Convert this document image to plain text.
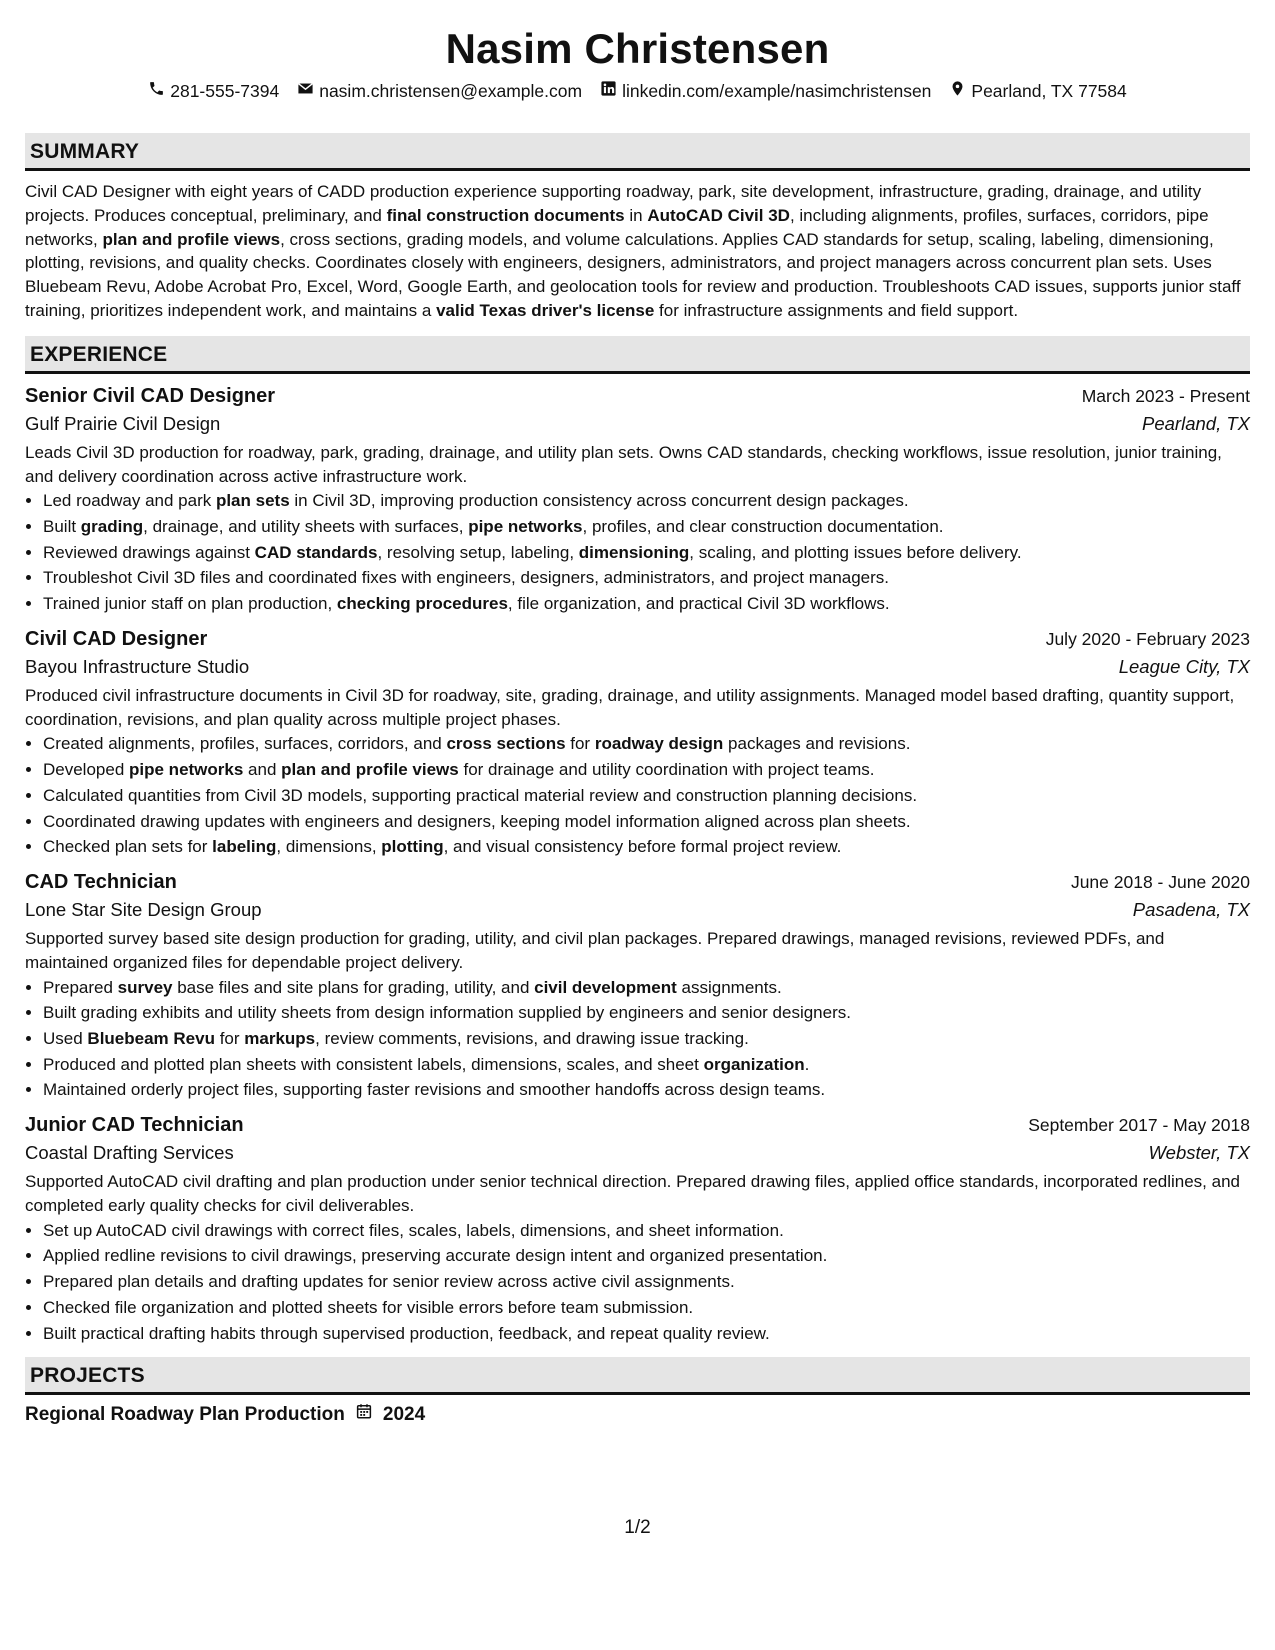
Nasim Christensen
281-555-7394 nasim.christensen@example.com linkedin.com/example/nasimchristensen Pearland, TX 77584
SUMMARY

Civil CAD Designer with eight years of CADD production experience supporting roadway, park, site development, infrastructure, grading, drainage, and utility projects. Produces conceptual, preliminary, and final construction documents in AutoCAD Civil 3D, including alignments, profiles, surfaces, corridors, pipe networks, plan and profile views, cross sections, grading models, and volume calculations. Applies CAD standards for setup, scaling, labeling, dimensioning, plotting, revisions, and quality checks. Coordinates closely with engineers, designers, administrators, and project managers across concurrent plan sets. Uses Bluebeam Revu, Adobe Acrobat Pro, Excel, Word, Google Earth, and geolocation tools for review and production. Troubleshoots CAD issues, supports junior staff training, prioritizes independent work, and maintains a valid Texas driver's license for infrastructure assignments and field support.

EXPERIENCE
Senior Civil CAD Designer	March 2023 - Present
Gulf Prairie Civil Design	Pearland, TX

Leads Civil 3D production for roadway, park, grading, drainage, and utility plan sets. Owns CAD standards, checking workflows, issue resolution, junior training, and delivery coordination across active infrastructure work.

• Led roadway and park plan sets in Civil 3D, improving production consistency across concurrent design packages.
• Built grading, drainage, and utility sheets with surfaces, pipe networks, profiles, and clear construction documentation.
• Reviewed drawings against CAD standards, resolving setup, labeling, dimensioning, scaling, and plotting issues before delivery.
• Troubleshot Civil 3D files and coordinated fixes with engineers, designers, administrators, and project managers.
• Trained junior staff on plan production, checking procedures, file organization, and practical Civil 3D workflows.
Civil CAD Designer	July 2020 - February 2023
Bayou Infrastructure Studio	League City, TX

Produced civil infrastructure documents in Civil 3D for roadway, site, grading, drainage, and utility assignments. Managed model based drafting, quantity support, coordination, revisions, and plan quality across multiple project phases.

• Created alignments, profiles, surfaces, corridors, and cross sections for roadway design packages and revisions.
• Developed pipe networks and plan and profile views for drainage and utility coordination with project teams.
• Calculated quantities from Civil 3D models, supporting practical material review and construction planning decisions.
• Coordinated drawing updates with engineers and designers, keeping model information aligned across plan sheets.
• Checked plan sets for labeling, dimensions, plotting, and visual consistency before formal project review.
CAD Technician	June 2018 - June 2020
Lone Star Site Design Group	Pasadena, TX

Supported survey based site design production for grading, utility, and civil plan packages. Prepared drawings, managed revisions, reviewed PDFs, and maintained organized files for dependable project delivery.

• Prepared survey base files and site plans for grading, utility, and civil development assignments.
• Built grading exhibits and utility sheets from design information supplied by engineers and senior designers.
• Used Bluebeam Revu for markups, review comments, revisions, and drawing issue tracking.
• Produced and plotted plan sheets with consistent labels, dimensions, scales, and sheet organization.
• Maintained orderly project files, supporting faster revisions and smoother handoffs across design teams.
Junior CAD Technician	September 2017 - May 2018
Coastal Drafting Services	Webster, TX

Supported AutoCAD civil drafting and plan production under senior technical direction. Prepared drawing files, applied office standards, incorporated redlines, and completed early quality checks for civil deliverables.

• Set up AutoCAD civil drawings with correct files, scales, labels, dimensions, and sheet information.
• Applied redline revisions to civil drawings, preserving accurate design intent and organized presentation.
• Prepared plan details and drafting updates for senior review across active civil assignments.
• Checked file organization and plotted sheets for visible errors before team submission.
• Built practical drafting habits through supervised production, feedback, and repeat quality review.
PROJECTS
Regional Roadway Plan Production 2024
1/2
